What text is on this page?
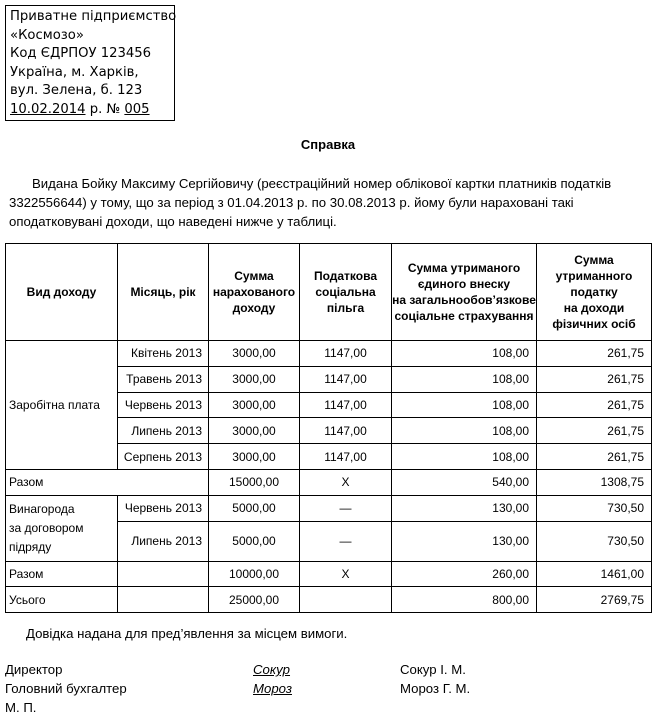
Приватне підприємство
«Космозо»
Код ЄДРПОУ 123456
Україна, м. Харків,
вул. Зелена, б. 123
10.02.2014 р. № 005
Справка
Видана Бойку Максиму Сергійовичу (реєстраційний номер облікової картки платників податків 3322556644) у тому, що за період з 01.04.2013 р. по 30.08.2013 р. йому були нараховані такі оподатковувані доходи, що наведені нижче у таблиці.
Вид доходу	Місяць, рік	Сумма
нарахованого
доходу	Податкова
соціальна
пільга	Сумма утриманого
єдиного внеску
на загальнообов’язкове
соціальне страхування	Сумма
утриманного
податку
на доходи
фізичних осіб
Заробітна плата	Квітень 2013	3000,00	1147,00	108,00	261,75
	Травень 2013	3000,00	1147,00	108,00	261,75
	Червень 2013	3000,00	1147,00	108,00	261,75
	Липень 2013	3000,00	1147,00	108,00	261,75
	Серпень 2013	3000,00	1147,00	108,00	261,75
Разом		15000,00	Х	540,00	1308,75
Винагорода
за договором
підряду	Червень 2013	5000,00	—	130,00	730,50
	Липень 2013	5000,00	—	130,00	730,50
Разом		10000,00	Х	260,00	1461,00
Усього		25000,00		800,00	2769,75
Довідка надана для пред’явлення за місцем вимоги.
Директор	Сокур	Сокур І. М.
Головний бухгалтер	Мороз	Мороз Г. М.
М. П.
